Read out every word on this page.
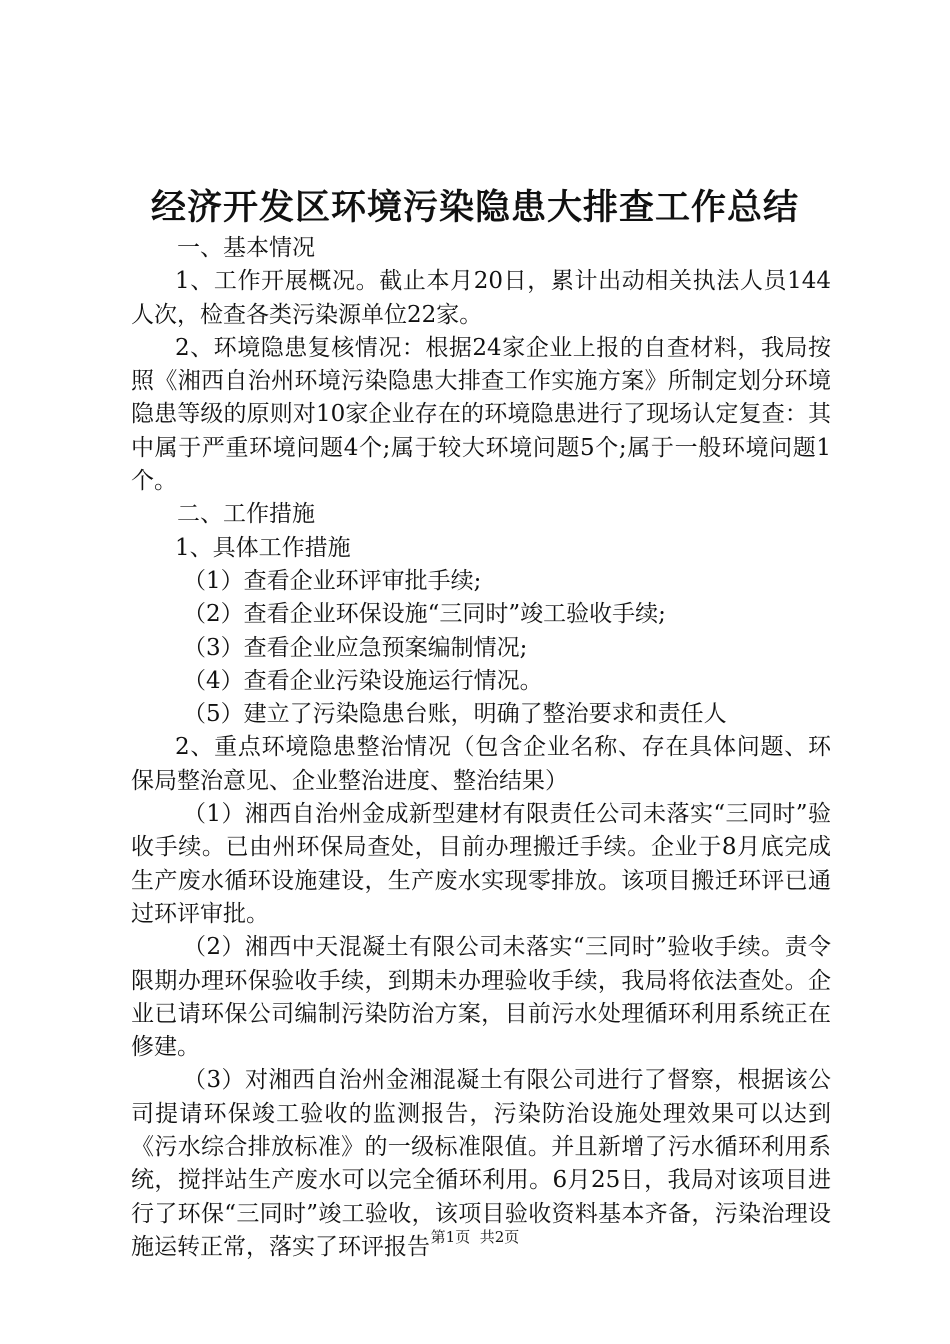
经济开发区环境污染隐患大排查工作总结

一、基本情况

1、工作开展概况。截止本月20日，累计出动相关执法人员144人次，检查各类污染源单位22家。

2、环境隐患复核情况：根据24家企业上报的自查材料，我局按照《湘西自治州环境污染隐患大排查工作实施方案》所制定划分环境隐患等级的原则对10家企业存在的环境隐患进行了现场认定复查：其中属于严重环境问题4个;属于较大环境问题5个;属于一般环境问题1个。

二、工作措施

1、具体工作措施

（1）查看企业环评审批手续;

（2）查看企业环保设施“三同时”竣工验收手续;

（3）查看企业应急预案编制情况;

（4）查看企业污染设施运行情况。

（5）建立了污染隐患台账，明确了整治要求和责任人

2、重点环境隐患整治情况（包含企业名称、存在具体问题、环保局整治意见、企业整治进度、整治结果）

（1）湘西自治州金成新型建材有限责任公司未落实“三同时”验收手续。已由州环保局查处，目前办理搬迁手续。企业于8月底完成生产废水循环设施建设，生产废水实现零排放。该项目搬迁环评已通过环评审批。

（2）湘西中天混凝土有限公司未落实“三同时”验收手续。责令限期办理环保验收手续，到期未办理验收手续，我局将依法查处。企业已请环保公司编制污染防治方案，目前污水处理循环利用系统正在修建。

（3）对湘西自治州金湘混凝土有限公司进行了督察，根据该公司提请环保竣工验收的监测报告，污染防治设施处理效果可以达到《污水综合排放标准》的一级标准限值。并且新增了污水循环利用系统，搅拌站生产废水可以完全循环利用。6月25日，我局对该项目进行了环保“三同时”竣工验收，该项目验收资料基本齐备，污染治理设施运转正常，落实了环评报告 第1页 共2页
